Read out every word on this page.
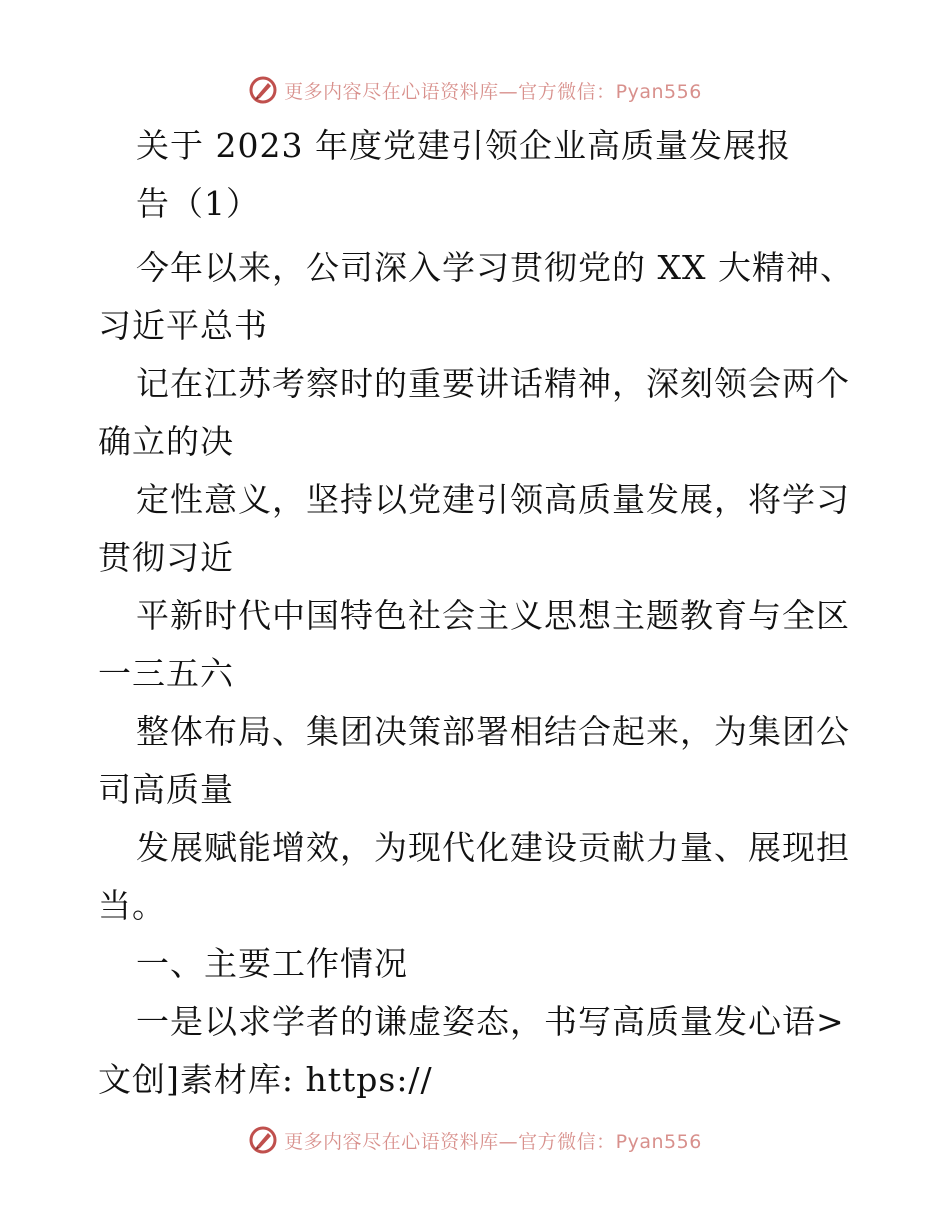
更多内容尽在心语资料库—官方微信：Pyan556
关于 2023 年度党建引领企业高质量发展报
告（1）
今年以来，公司深入学习贯彻党的 XX 大精神、
习近平总书
记在江苏考察时的重要讲话精神，深刻领会两个
确立的决
定性意义，坚持以党建引领高质量发展，将学习
贯彻习近
平新时代中国特色社会主义思想主题教育与全区
一三五六
整体布局、集团决策部署相结合起来，为集团公
司高质量
发展赋能增效，为现代化建设贡献力量、展现担
当。
一、主要工作情况
一是以求学者的谦虚姿态，书写高质量发心语>
文创]素材库: https://
更多内容尽在心语资料库—官方微信：Pyan556
